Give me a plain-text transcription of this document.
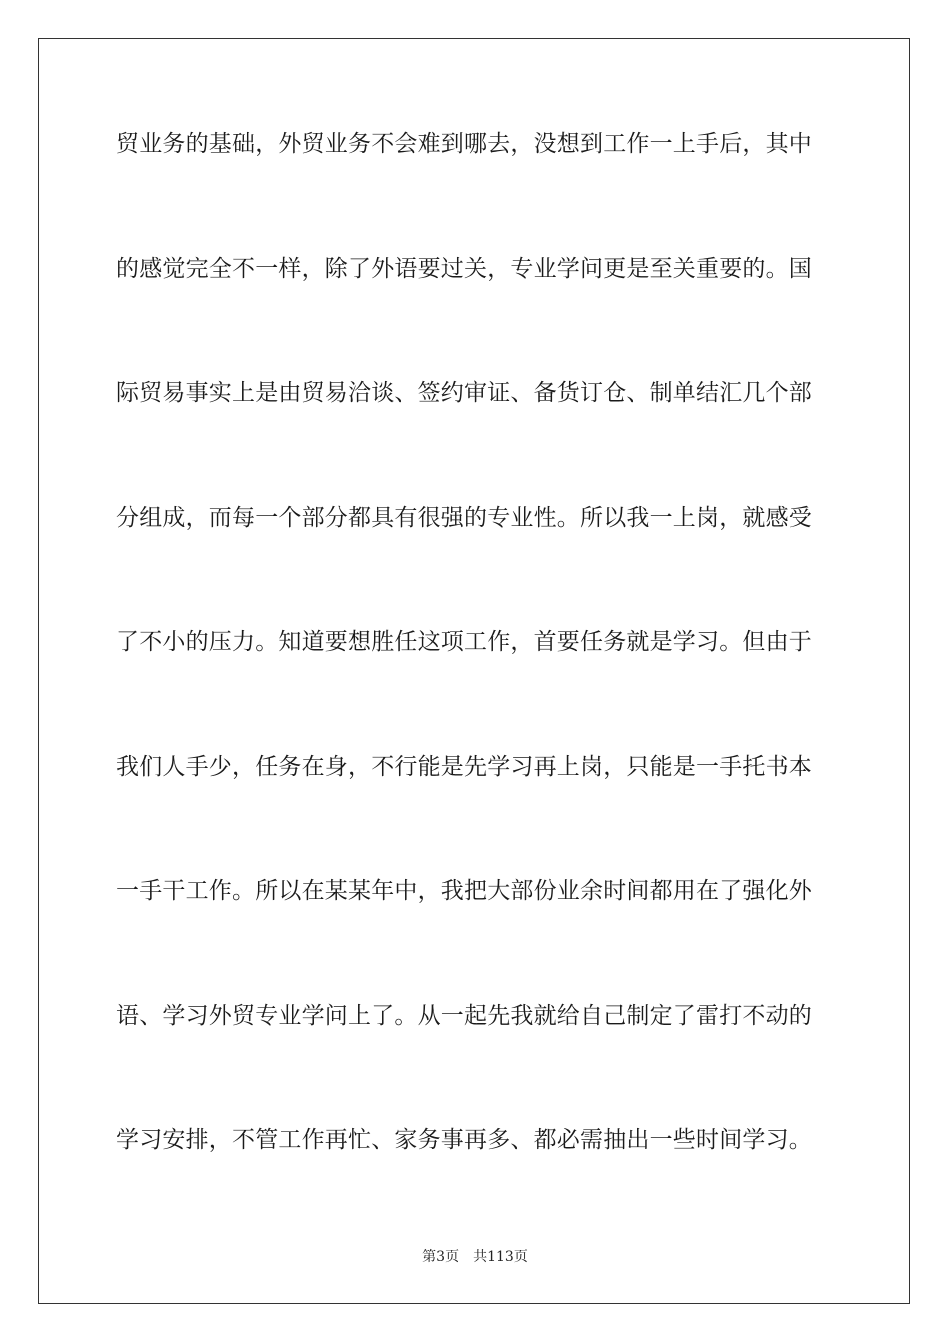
贸业务的基础，外贸业务不会难到哪去，没想到工作一上手后，其中
的感觉完全不一样，除了外语要过关，专业学问更是至关重要的。国
际贸易事实上是由贸易洽谈、签约审证、备货订仓、制单结汇几个部
分组成，而每一个部分都具有很强的专业性。所以我一上岗，就感受
了不小的压力。知道要想胜任这项工作，首要任务就是学习。但由于
我们人手少，任务在身，不行能是先学习再上岗，只能是一手托书本
一手干工作。所以在某某年中，我把大部份业余时间都用在了强化外
语、学习外贸专业学问上了。从一起先我就给自己制定了雷打不动的
学习安排，不管工作再忙、家务事再多、都必需抽出一些时间学习。
第3页 共113页
